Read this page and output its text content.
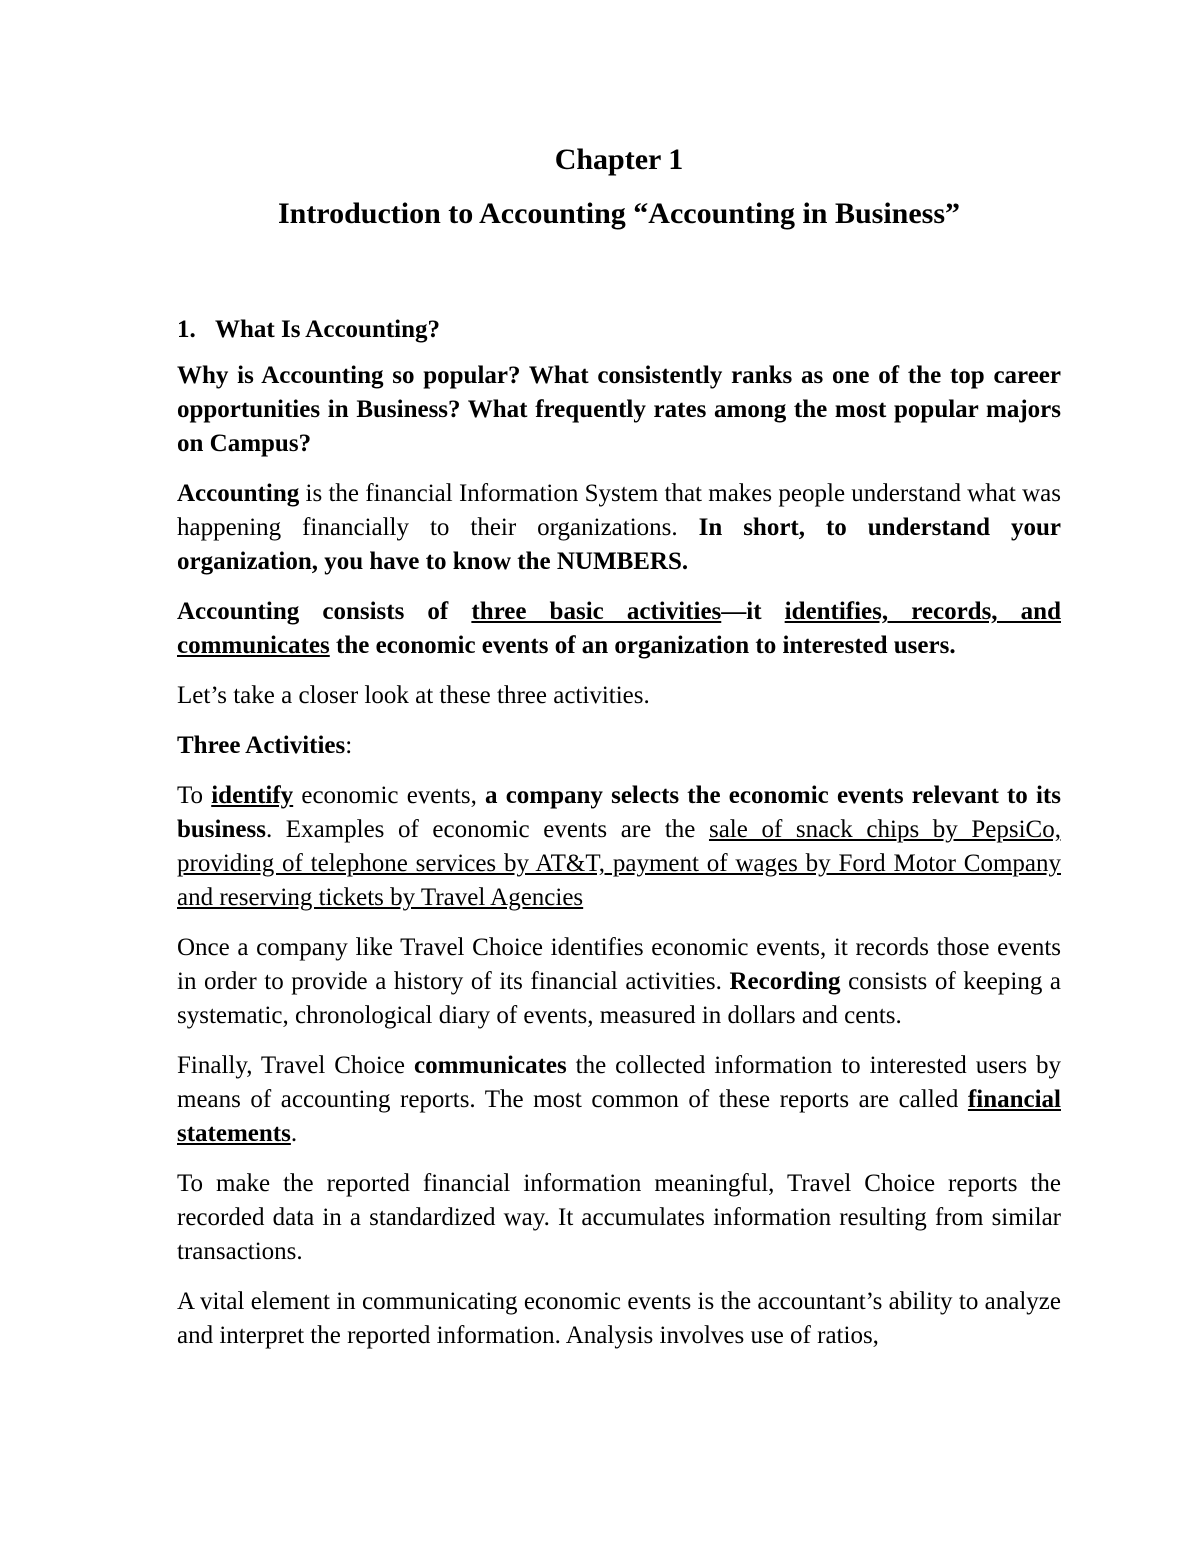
Chapter 1
Introduction to Accounting “Accounting in Business”
1. What Is Accounting?

Why is Accounting so popular? What consistently ranks as one of the top career opportunities in Business? What frequently rates among the most popular majors on Campus?

Accounting is the financial Information System that makes people understand what was happening financially to their organizations. In short, to understand your organization, you have to know the NUMBERS.

Accounting consists of three basic activities—it identifies, records, and communicates the economic events of an organization to interested users.

Let’s take a closer look at these three activities.

Three Activities:

To identify economic events, a company selects the economic events relevant to its business. Examples of economic events are the sale of snack chips by PepsiCo, providing of telephone services by AT&T, payment of wages by Ford Motor Company and reserving tickets by Travel Agencies

Once a company like Travel Choice identifies economic events, it records those events in order to provide a history of its financial activities. Recording consists of keeping a systematic, chronological diary of events, measured in dollars and cents.

Finally, Travel Choice communicates the collected information to interested users by means of accounting reports. The most common of these reports are called financial statements.

To make the reported financial information meaningful, Travel Choice reports the recorded data in a standardized way. It accumulates information resulting from similar transactions.

A vital element in communicating economic events is the accountant’s ability to analyze and interpret the reported information. Analysis involves use of ratios,
